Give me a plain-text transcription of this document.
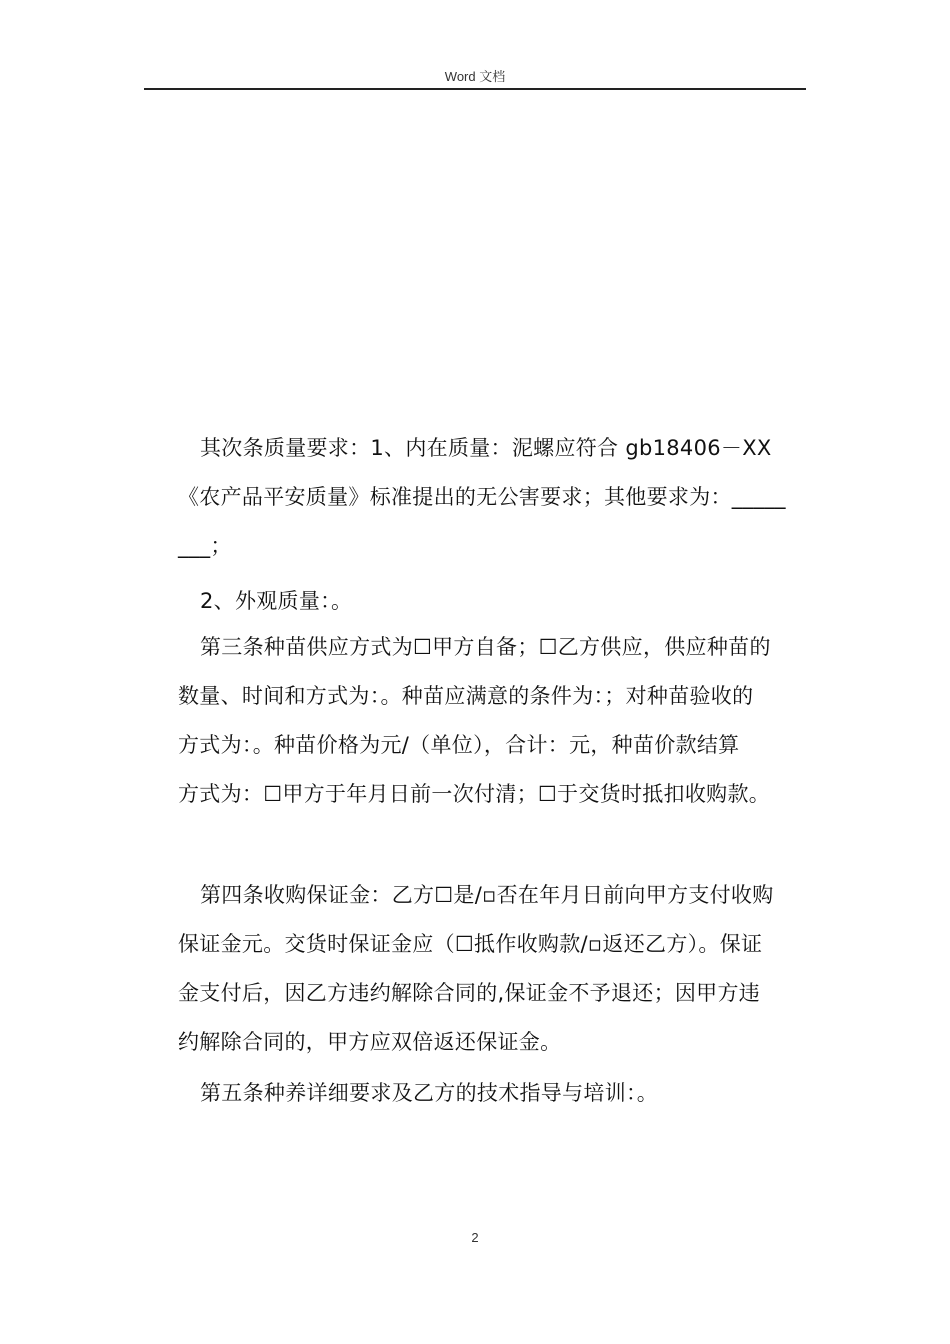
Word 文档
其次条质量要求：1、内在质量：泥螺应符合 gb18406－XX
《农产品平安质量》标准提出的无公害要求；其他要求为：_____
___；
2、外观质量：。
第三条种苗供应方式为☐甲方自备；☐乙方供应，供应种苗的
数量、时间和方式为：。种苗应满意的条件为：；对种苗验收的
方式为：。种苗价格为元/（单位），合计：元，种苗价款结算
方式为：☐甲方于年月日前一次付清；☐于交货时抵扣收购款。
第四条收购保证金：乙方☐是/▫否在年月日前向甲方支付收购
保证金元。交货时保证金应（☐抵作收购款/▫返还乙方）。保证
金支付后，因乙方违约解除合同的,保证金不予退还；因甲方违
约解除合同的，甲方应双倍返还保证金。
第五条种养详细要求及乙方的技术指导与培训：。
2
